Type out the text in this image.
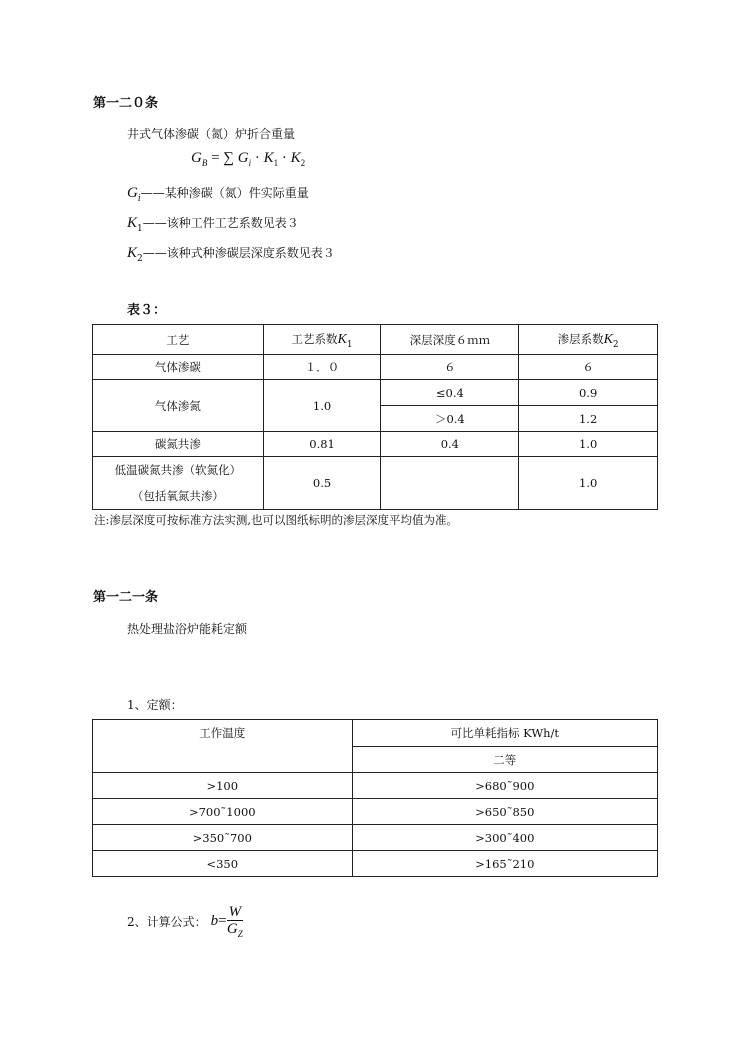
第一二０条
井式气体渗碳（氮）炉折合重量
$G_B$ = ∑ $G_i \cdot K_1 \cdot K_2$
$G_i——$某种渗碳（氮）件实际重量
$K_1——$该种工件工艺系数见表３
$K_2——$该种式种渗碳层深度系数见表３
表３：
工艺	工艺系数$K_1$	深层深度６ｍｍ	渗层系数$K_2$
气体渗碳	１．０	６	６
气体渗氮	1.0	≤0.4	0.9
		＞0.4	1.2
碳氮共渗	0.81	0.4	1.0

低温碳氮共渗（软氮化）
（包括氧氮共渗）	0.5		1.0
注:渗层深度可按标准方法实测,也可以图纸标明的渗层深度平均值为准。
第一二一条
热处理盐浴炉能耗定额
1、定额：
工作温度	可比单耗指标 KWh/t
	二等
>100	>680˜900
>700˜1000	>650˜850
>350˜700	>300˜400
<350	>165˜210
2、计算公式： $b = \frac{W}{G_Z}$
